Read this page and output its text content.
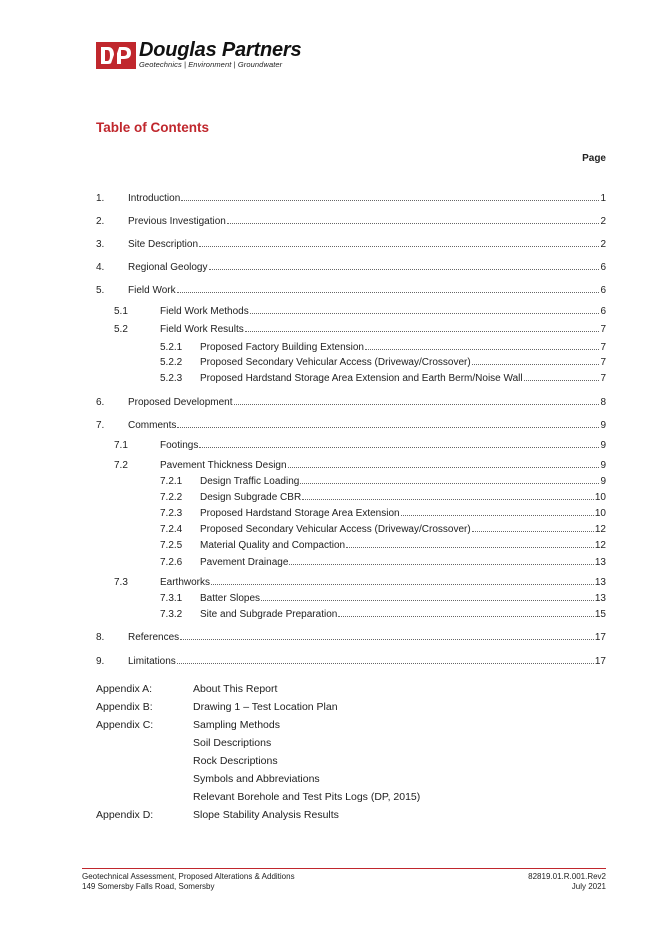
Douglas Partners
Geotechnics | Environment | Groundwater
Table of Contents
Page
1.	Introduction	1
2.	Previous Investigation	2
3.	Site Description	2
4.	Regional Geology	6
5.	Field Work	6
5.1	Field Work Methods	6
5.2	Field Work Results	7
5.2.1	Proposed Factory Building Extension	7
5.2.2	Proposed Secondary Vehicular Access (Driveway/Crossover)	7
5.2.3	Proposed Hardstand Storage Area Extension and Earth Berm/Noise Wall	7
6.	Proposed Development	8
7.	Comments	9
7.1	Footings	9
7.2	Pavement Thickness Design	9
7.2.1	Design Traffic Loading	9
7.2.2	Design Subgrade CBR	10
7.2.3	Proposed Hardstand Storage Area Extension	10
7.2.4	Proposed Secondary Vehicular Access (Driveway/Crossover)	12
7.2.5	Material Quality and Compaction	12
7.2.6	Pavement Drainage	13
7.3	Earthworks	13
7.3.1	Batter Slopes	13
7.3.2	Site and Subgrade Preparation	15
8.	References	17
9.	Limitations	17
Appendix A:	About This Report
Appendix B:	Drawing 1 – Test Location Plan
Appendix C:	Sampling Methods
Soil Descriptions
Rock Descriptions
Symbols and Abbreviations
Relevant Borehole and Test Pits Logs (DP, 2015)
Appendix D:	Slope Stability Analysis Results
Geotechnical Assessment, Proposed Alterations & Additions
149 Somersby Falls Road, Somersby
82819.01.R.001.Rev2
July 2021
